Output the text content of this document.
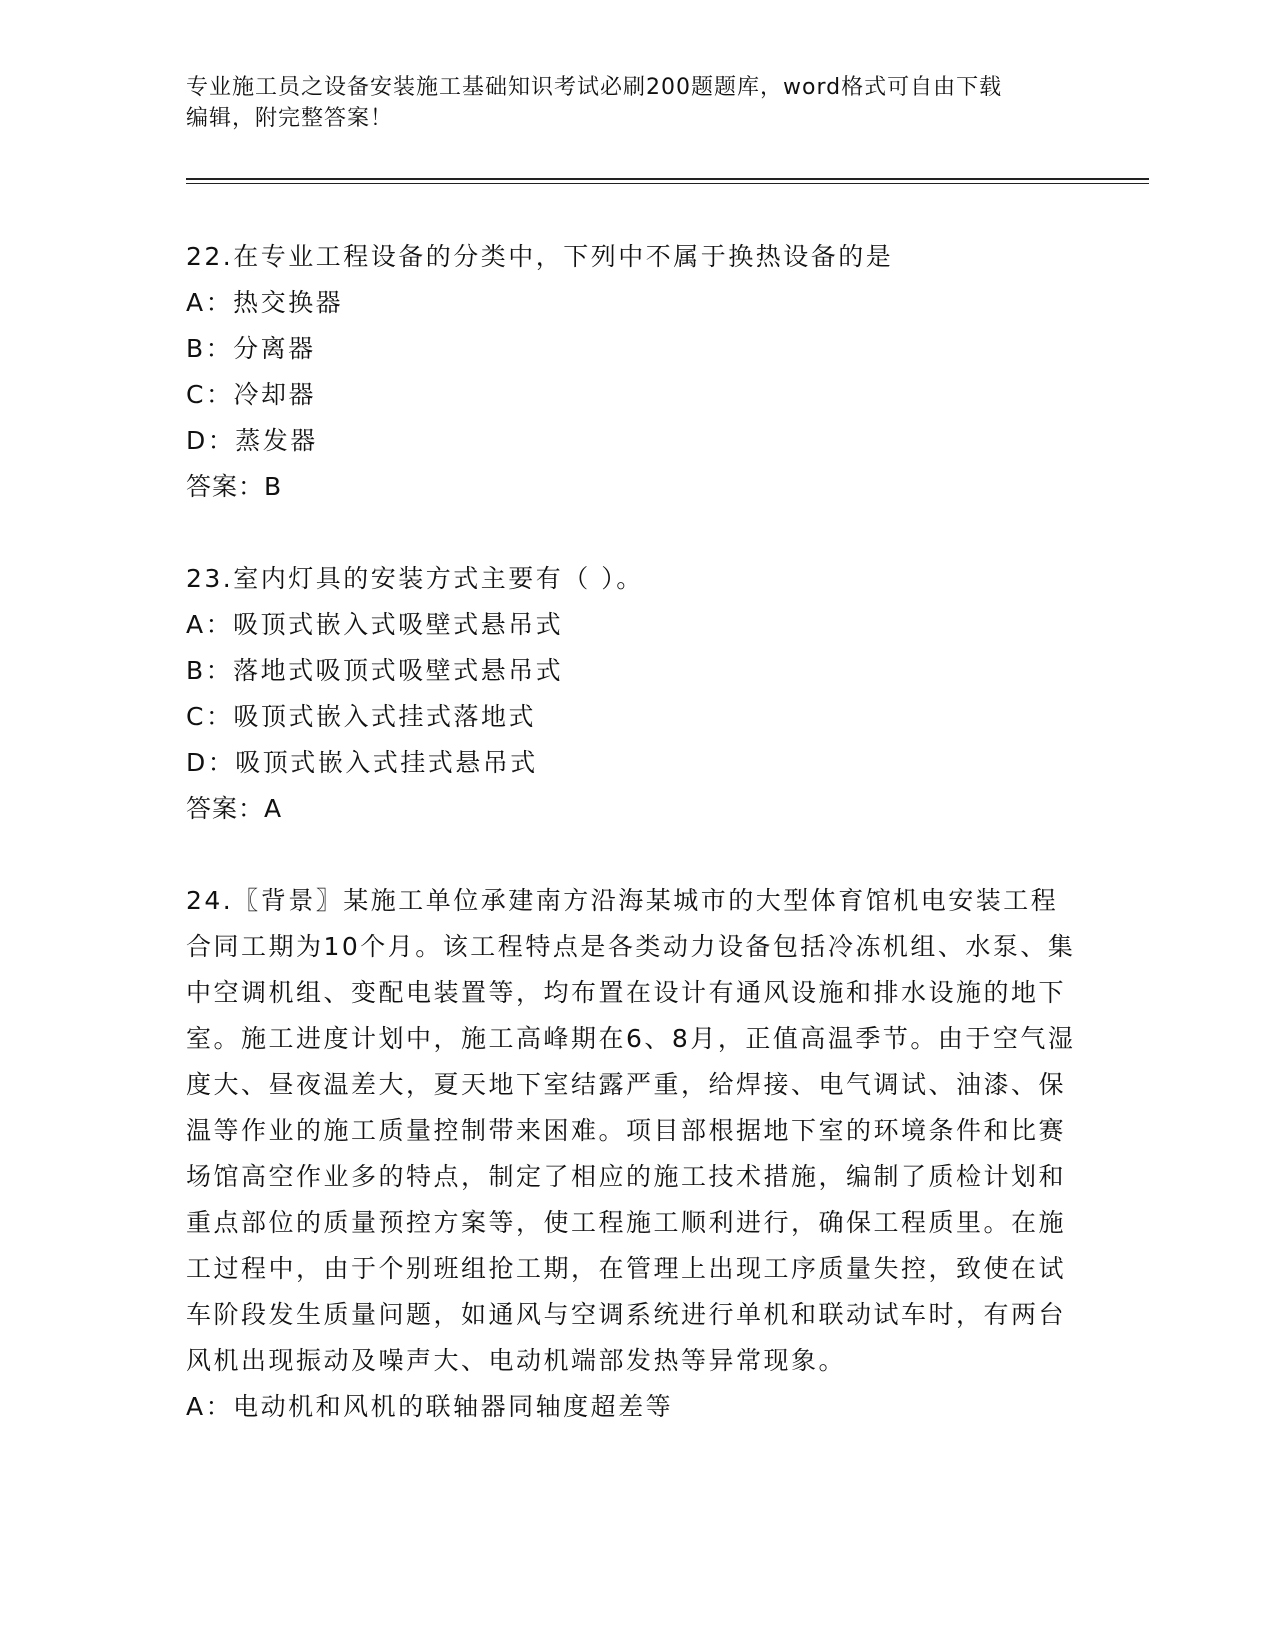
专业施工员之设备安装施工基础知识考试必刷200题题库，word格式可自由下载
编辑，附完整答案！
22.在专业工程设备的分类中，下列中不属于换热设备的是
A：热交换器
B：分离器
C：冷却器
D：蒸发器
答案：B
23.室内灯具的安装方式主要有（ ）。
A：吸顶式嵌入式吸壁式悬吊式
B：落地式吸顶式吸壁式悬吊式
C：吸顶式嵌入式挂式落地式
D：吸顶式嵌入式挂式悬吊式
答案：A
24.〖背景〗某施工单位承建南方沿海某城市的大型体育馆机电安装工程合同工期为10个月。该工程特点是各类动力设备包括冷冻机组、水泵、集中空调机组、变配电装置等，均布置在设计有通风设施和排水设施的地下室。施工进度计划中，施工高峰期在6、8月，正值高温季节。由于空气湿度大、昼夜温差大，夏天地下室结露严重，给焊接、电气调试、油漆、保温等作业的施工质量控制带来困难。项目部根据地下室的环境条件和比赛场馆高空作业多的特点，制定了相应的施工技术措施，编制了质检计划和重点部位的质量预控方案等，使工程施工顺利进行，确保工程质里。在施工过程中，由于个别班组抢工期，在管理上出现工序质量失控，致使在试车阶段发生质量问题，如通风与空调系统进行单机和联动试车时，有两台风机出现振动及噪声大、电动机端部发热等异常现象。
A：电动机和风机的联轴器同轴度超差等
